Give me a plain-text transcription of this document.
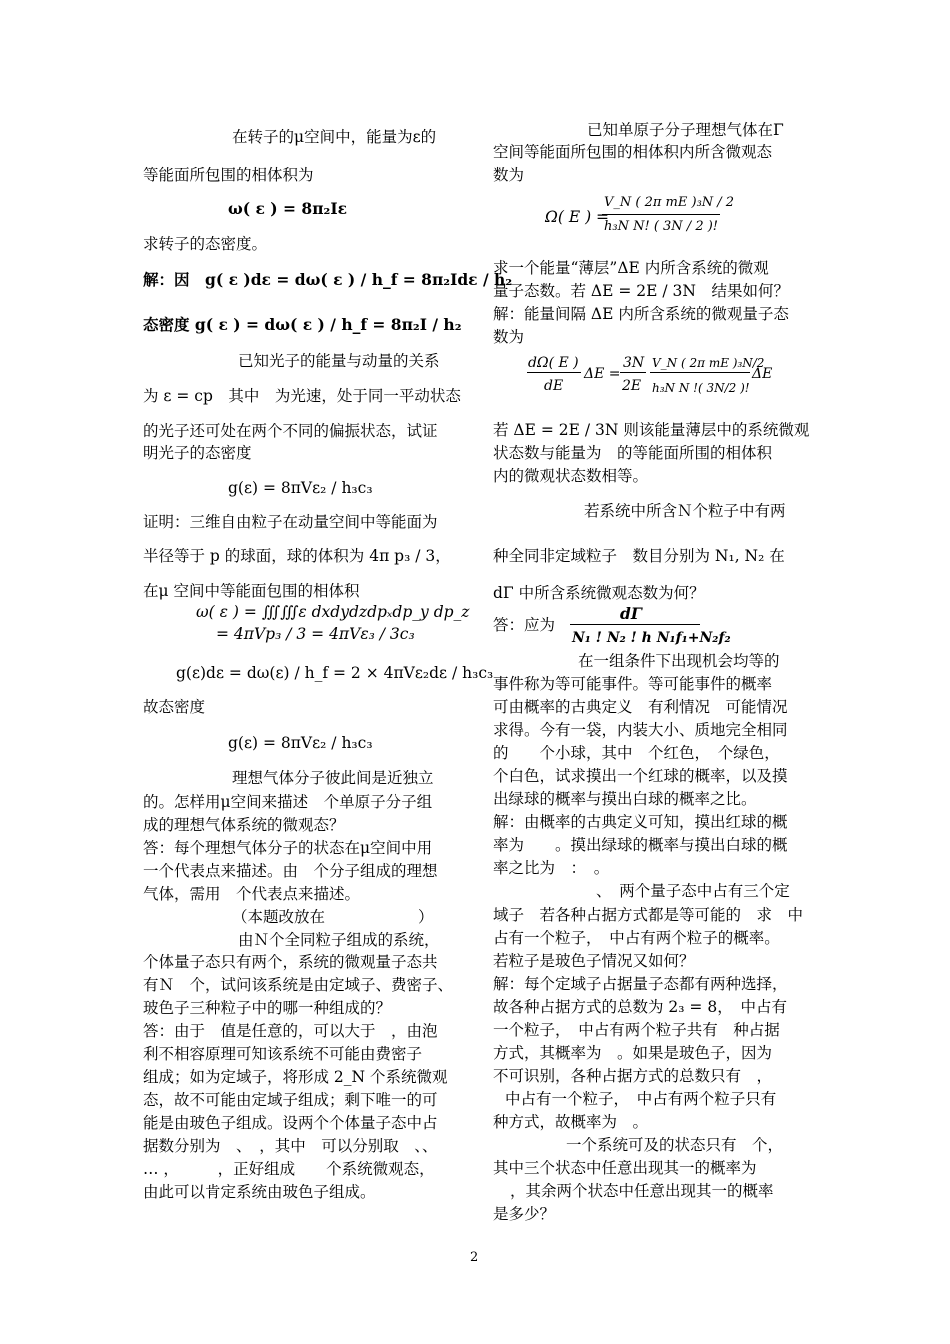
在转子的μ空间中，能量为ε的
等能面所包围的相体积为
ω( ε ) = 8π₂Iε
求转子的态密度。
解：因　g( ε )dε = dω( ε ) / h_f = 8π₂Idε / h₂
态密度 g( ε ) = dω( ε ) / h_f = 8π₂I / h₂
已知光子的能量与动量的关系
为 ε = cp　其中　为光速，处于同一平动状态
的光子还可处在两个不同的偏振状态，试证
明光子的态密度
g(ε) = 8πVε₂ / h₃c₃
证明：三维自由粒子在动量空间中等能面为
半径等于 p 的球面，球的体积为 4π p₃ / 3，
在μ 空间中等能面包围的相体积
ω( ε ) = ∭∭ε dxdydzdpₓdp_y dp_z
= 4πVp₃ / 3 = 4πVε₃ / 3c₃
g(ε)dε = dω(ε) / h_f = 2 × 4πVε₂dε / h₃c₃
故态密度
g(ε) = 8πVε₂ / h₃c₃
理想气体分子彼此间是近独立
的。怎样用μ空间来描述　个单原子分子组
成的理想气体系统的微观态？
答：每个理想气体分子的状态在μ空间中用
一个代表点来描述。由　个分子组成的理想
气体，需用　个代表点来描述。
（本题改放在　　　　　　）
由Ｎ个全同粒子组成的系统，
个体量子态只有两个，系统的微观量子态共
有Ｎ　个，试问该系统是由定域子、费密子、
玻色子三种粒子中的哪一种组成的？
答：由于　值是任意的，可以大于　，由泡
利不相容原理可知该系统不可能由费密子
组成；如为定域子，将形成 2_N 个系统微观
态，故不可能由定域子组成；剩下唯一的可
能是由玻色子组成。设两个个体量子态中占
据数分别为　、　，其中　可以分别取　、、
… ，　　　，正好组成　　个系统微观态，
由此可以肯定系统由玻色子组成。
已知单原子分子理想气体在Γ
空间等能面所包围的相体积内所含微观态
数为
Ω( E ) =
V_N ( 2π mE )₃N / 2
h₃N N! ( 3N / 2 )!
求一个能量“薄层”ΔE 内所含系统的微观
量子态数。若 ΔE = 2E / 3N　结果如何？
解：能量间隔 ΔE 内所含系统的微观量子态
数为
dΩ( E )
dE
ΔE =
3N
2E
V_N ( 2π mE )₃N/2
h₃N N !( 3N/2 )!
ΔE
若 ΔE = 2E / 3N 则该能量薄层中的系统微观
状态数与能量为　的等能面所围的相体积
内的微观状态数相等。
若系统中所含Ｎ个粒子中有两
种全同非定域粒子　数目分别为 N₁, N₂ 在
dΓ 中所含系统微观态数为何？
答：应为
dΓ
N₁ ! N₂ ! h N₁f₁+N₂f₂
在一组条件下出现机会均等的
事件称为等可能事件。等可能事件的概率
可由概率的古典定义　有利情况　可能情况
求得。今有一袋，内装大小、质地完全相同
的　　个小球，其中　个红色，　个绿色，
个白色，试求摸出一个红球的概率，以及摸
出绿球的概率与摸出白球的概率之比。
解：由概率的古典定义可知，摸出红球的概
率为　　。摸出绿球的概率与摸出白球的概
率之比为　：　。
、　两个量子态中占有三个定
域子　若各种占据方式都是等可能的　求　中
占有一个粒子，　中占有两个粒子的概率。
若粒子是玻色子情况又如何？
解：每个定域子占据量子态都有两种选择，
故各种占据方式的总数为 2₃ = 8，　中占有
一个粒子，　中占有两个粒子共有　种占据
方式，其概率为　。如果是玻色子，因为
不可识别，各种占据方式的总数只有　，
中占有一个粒子，　中占有两个粒子只有
种方式，故概率为　。
一个系统可及的状态只有　个，
其中三个状态中任意出现其一的概率为
，其余两个状态中任意出现其一的概率
是多少？
2
